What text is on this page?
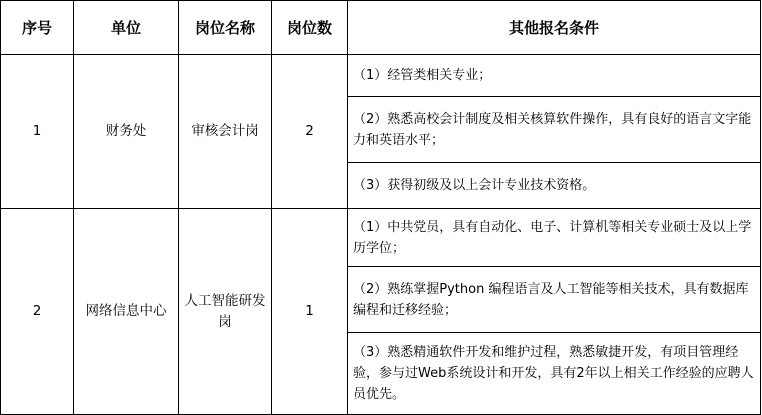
序号	单位	岗位名称	岗位数	其他报名条件
1	财务处	审核会计岗	2	（1）经管类相关专业；
				（2）熟悉高校会计制度及相关核算软件操作，具有良好的语言文字能力和英语水平；
				（3）获得初级及以上会计专业技术资格。
2	网络信息中心	人工智能研发岗	1	（1）中共党员，具有自动化、电子、计算机等相关专业硕士及以上学历学位；
				（2）熟练掌握Python 编程语言及人工智能等相关技术，具有数据库编程和迁移经验；
				（3）熟悉精通软件开发和维护过程，熟悉敏捷开发，有项目管理经验，参与过Web系统设计和开发，具有2年以上相关工作经验的应聘人员优先。
